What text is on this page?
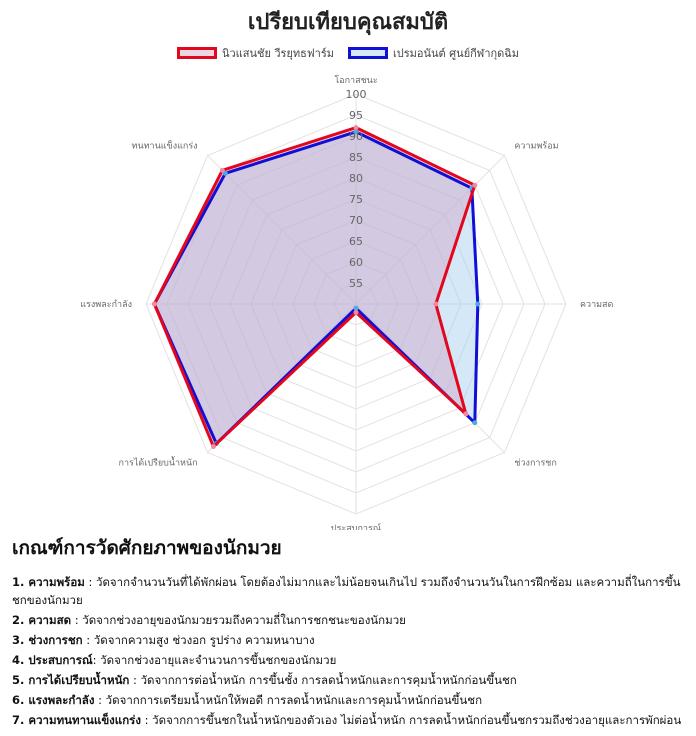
เปรียบเทียบคุณสมบัติ
นิวแสนชัย วีรยุทธฟาร์ม	เปรมอนันต์ ศูนย์กีฬากุดฉิม
55
60
65
70
75
80
85
90
95
100
โอกาสชนะ
ความพร้อม
ความสด
ช่วงการชก
ประสบการณ์
การได้เปรียบน้ำหนัก
แรงพละกำลัง
ทนทานแข็งแกร่ง
เกณฑ์การวัดศักยภาพของนักมวย
1. ความพร้อม : วัดจากจำนวนวันที่ได้พักผ่อน โดยต้องไม่มากและไม่น้อยจนเกินไป รวมถึงจำนวนวันในการฝึกซ้อม และความถี่ในการขึ้นชกของนักมวย
2. ความสด : วัดจากช่วงอายุของนักมวยรวมถึงความถี่ในการชกชนะของนักมวย
3. ช่วงการชก : วัดจากความสูง ช่วงอก รูปร่าง ความหนาบาง
4. ประสบการณ์: วัดจากช่วงอายุและจำนวนการขึ้นชกของนักมวย
5. การได้เปรียบน้ำหนัก : วัดจากการต่อน้ำหนัก การขึ้นชั้ง การลดน้ำหนักและการคุมน้ำหนักก่อนขึ้นชก
6. แรงพละกำลัง : วัดจากการเตรียมน้ำหนักให้พอดี การลดน้ำหนักและการคุมน้ำหนักก่อนขึ้นชก
7. ความทนทานแข็งแกร่ง : วัดจากการขึ้นชกในน้ำหนักของตัวเอง ไม่ต่อน้ำหนัก การลดน้ำหนักก่อนขึ้นชกรวมถึงช่วงอายุและการพักผ่อน
